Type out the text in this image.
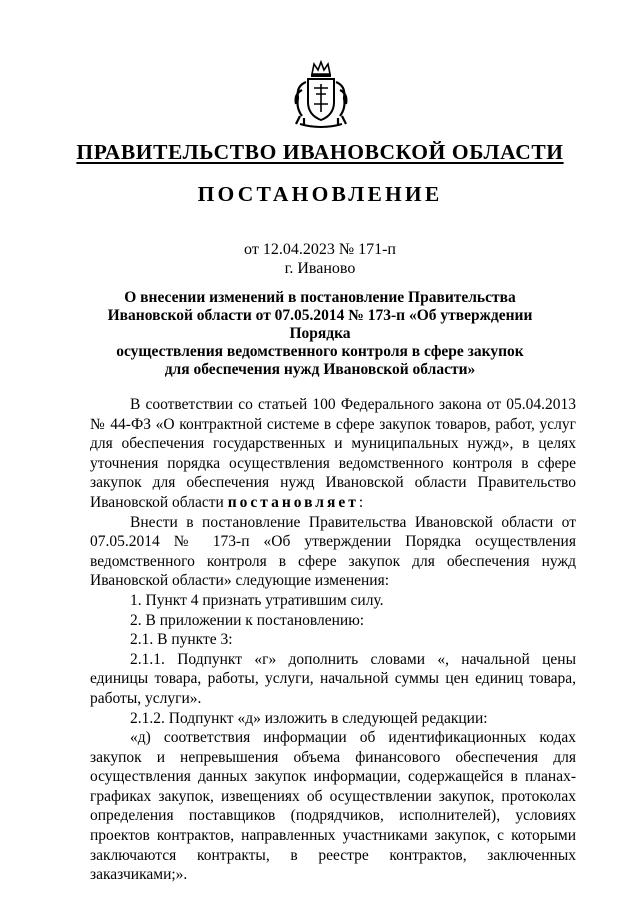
ПРАВИТЕЛЬСТВО ИВАНОВСКОЙ ОБЛАСТИ
ПОСТАНОВЛЕНИЕ
от 12.04.2023 № 171-п
г. Иваново
О внесении изменений в постановление Правительства
Ивановской области от 07.05.2014 № 173-п «Об утверждении Порядка
осуществления ведомственного контроля в сфере закупок
для обеспечения нужд Ивановской области»

В соответствии со статьей 100 Федерального закона от 05.04.2013 № 44-ФЗ «О контрактной системе в сфере закупок товаров, работ, услуг для обеспечения государственных и муниципальных нужд», в целях уточнения порядка осуществления ведомственного контроля в сфере закупок для обеспечения нужд Ивановской области Правительство Ивановской области постановляет:

Внести в постановление Правительства Ивановской области от 07.05.2014 № 173-п «Об утверждении Порядка осуществления ведомственного контроля в сфере закупок для обеспечения нужд Ивановской области» следующие изменения:

1. Пункт 4 признать утратившим силу.

2. В приложении к постановлению:

2.1. В пункте 3:

2.1.1. Подпункт «г» дополнить словами «, начальной цены единицы товара, работы, услуги, начальной суммы цен единиц товара, работы, услуги».

2.1.2. Подпункт «д» изложить в следующей редакции:

«д) соответствия информации об идентификационных кодах закупок и непревышения объема финансового обеспечения для осуществления данных закупок информации, содержащейся в планах-графиках закупок, извещениях об осуществлении закупок, протоколах определения поставщиков (подрядчиков, исполнителей), условиях проектов контрактов, направленных участниками закупок, с которыми заключаются контракты, в реестре контрактов, заключенных заказчиками;».
